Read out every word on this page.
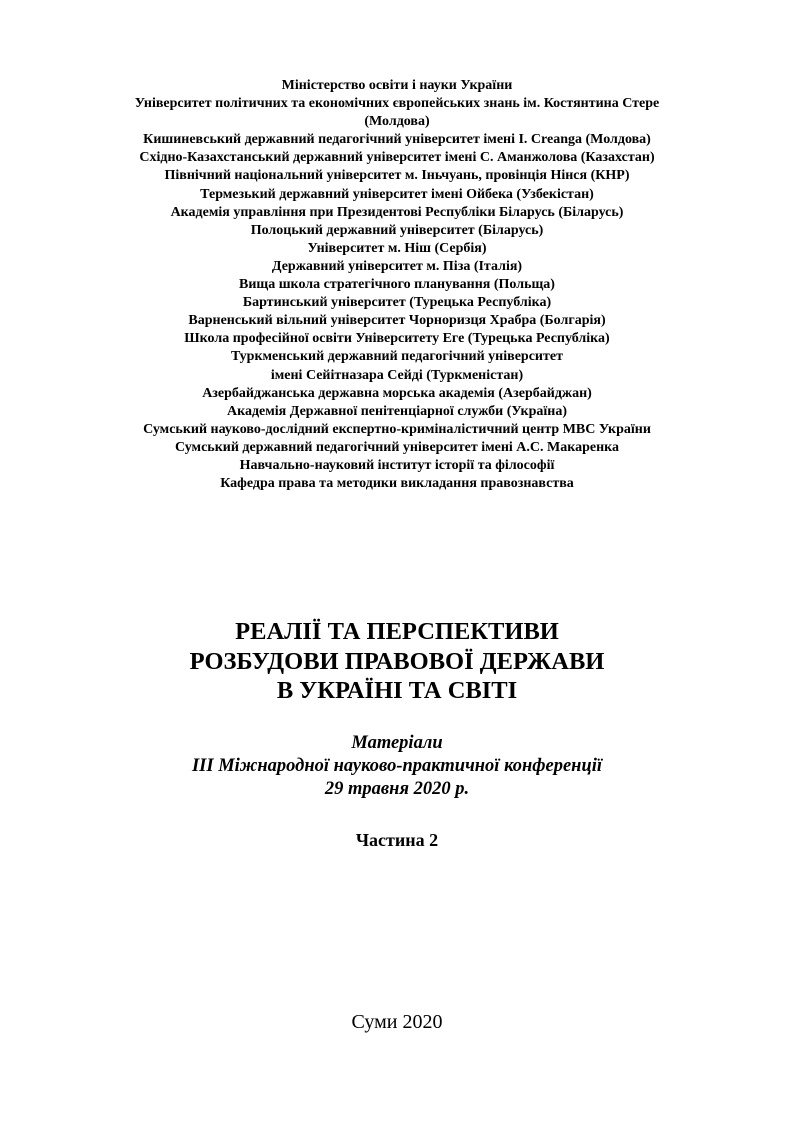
Міністерство освіти і науки України
Університет політичних та економічних європейських знань ім. Костянтина Стере
(Молдова)
Кишиневський державний педагогічний університет імені І. Creanga (Молдова)
Східно-Казахстанський державний університет імені С. Аманжолова (Казахстан)
Північний національний університет м. Іньчуань, провінція Нінся (КНР)
Термезький державний університет імені Ойбека (Узбекістан)
Академія управління при Президентові Республіки Біларусь (Біларусь)
Полоцький державний університет (Біларусь)
Університет м. Ніш (Сербія)
Державний університет м. Піза (Італія)
Вища школа стратегічного планування (Польща)
Бартинський університет (Турецька Республіка)
Варненський вільний університет Чорноризця Храбра (Болгарія)
Школа професійної освіти Університету Еге (Турецька Республіка)
Туркменський державний педагогічний університет
імені Сейітназара Сейді (Туркменістан)
Азербайджанська державна морська академія (Азербайджан)
Академія Державної пенітенціарної служби (Україна)
Сумський науково-дослідний експертно-криміналістичний центр МВС України
Сумський державний педагогічний університет імені А.С. Макаренка
Навчально-науковий інститут історії та філософії
Кафедра права та методики викладання правознавства
РЕАЛІЇ ТА ПЕРСПЕКТИВИ
РОЗБУДОВИ ПРАВОВОЇ ДЕРЖАВИ
В УКРАЇНІ ТА СВІТІ
Матеріали
ІІІ Міжнародної науково-практичної конференції
29 травня 2020 р.
Частина 2
Суми 2020
